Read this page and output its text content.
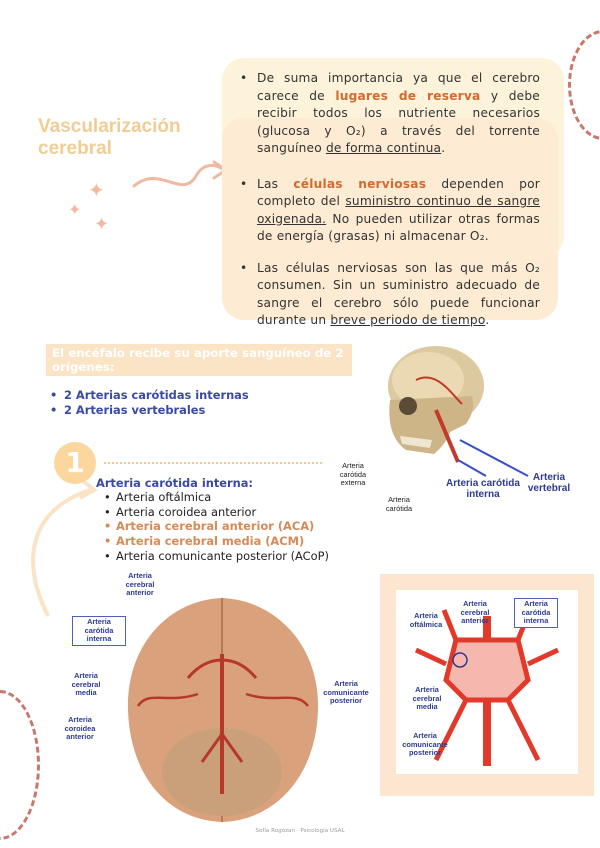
✦
✦
✦
Vascularización
cerebral
• De suma importancia ya que el cerebro carece de lugares de reserva y debe recibir todos los nutriente necesarios (glucosa y O₂) a través del torrente sanguíneo de forma continua.
• Las células nerviosas dependen por completo del suministro continuo de sangre oxigenada. No pueden utilizar otras formas de energía (grasas) ni almacenar O₂.
• Las células nerviosas son las que más O₂ consumen. Sin un suministro adecuado de sangre el cerebro sólo puede funcionar durante un breve periodo de tiempo.
El encéfalo recibe su aporte sanguíneo de 2 orígenes:
• 2 Arterias carótidas internas
• 2 Arterias vertebrales
Arteria carótida externa
Arteria carótida
Arteria carótida interna
Arteria vertebral
1
Arteria carótida interna:
• Arteria oftálmica
• Arteria coroidea anterior
• Arteria cerebral anterior (ACA)
• Arteria cerebral media (ACM)
• Arteria comunicante posterior (ACoP)
Arteria cerebral anterior
Arteria carótida interna
Arteria cerebral media
Arteria coroidea anterior
Arteria comunicante posterior
Arteria oftálmica
Arteria cerebral anterior
Arteria carótida interna
Arteria cerebral media
Arteria comunicante posterior
Sofía Rogozan · Psicología USAL
